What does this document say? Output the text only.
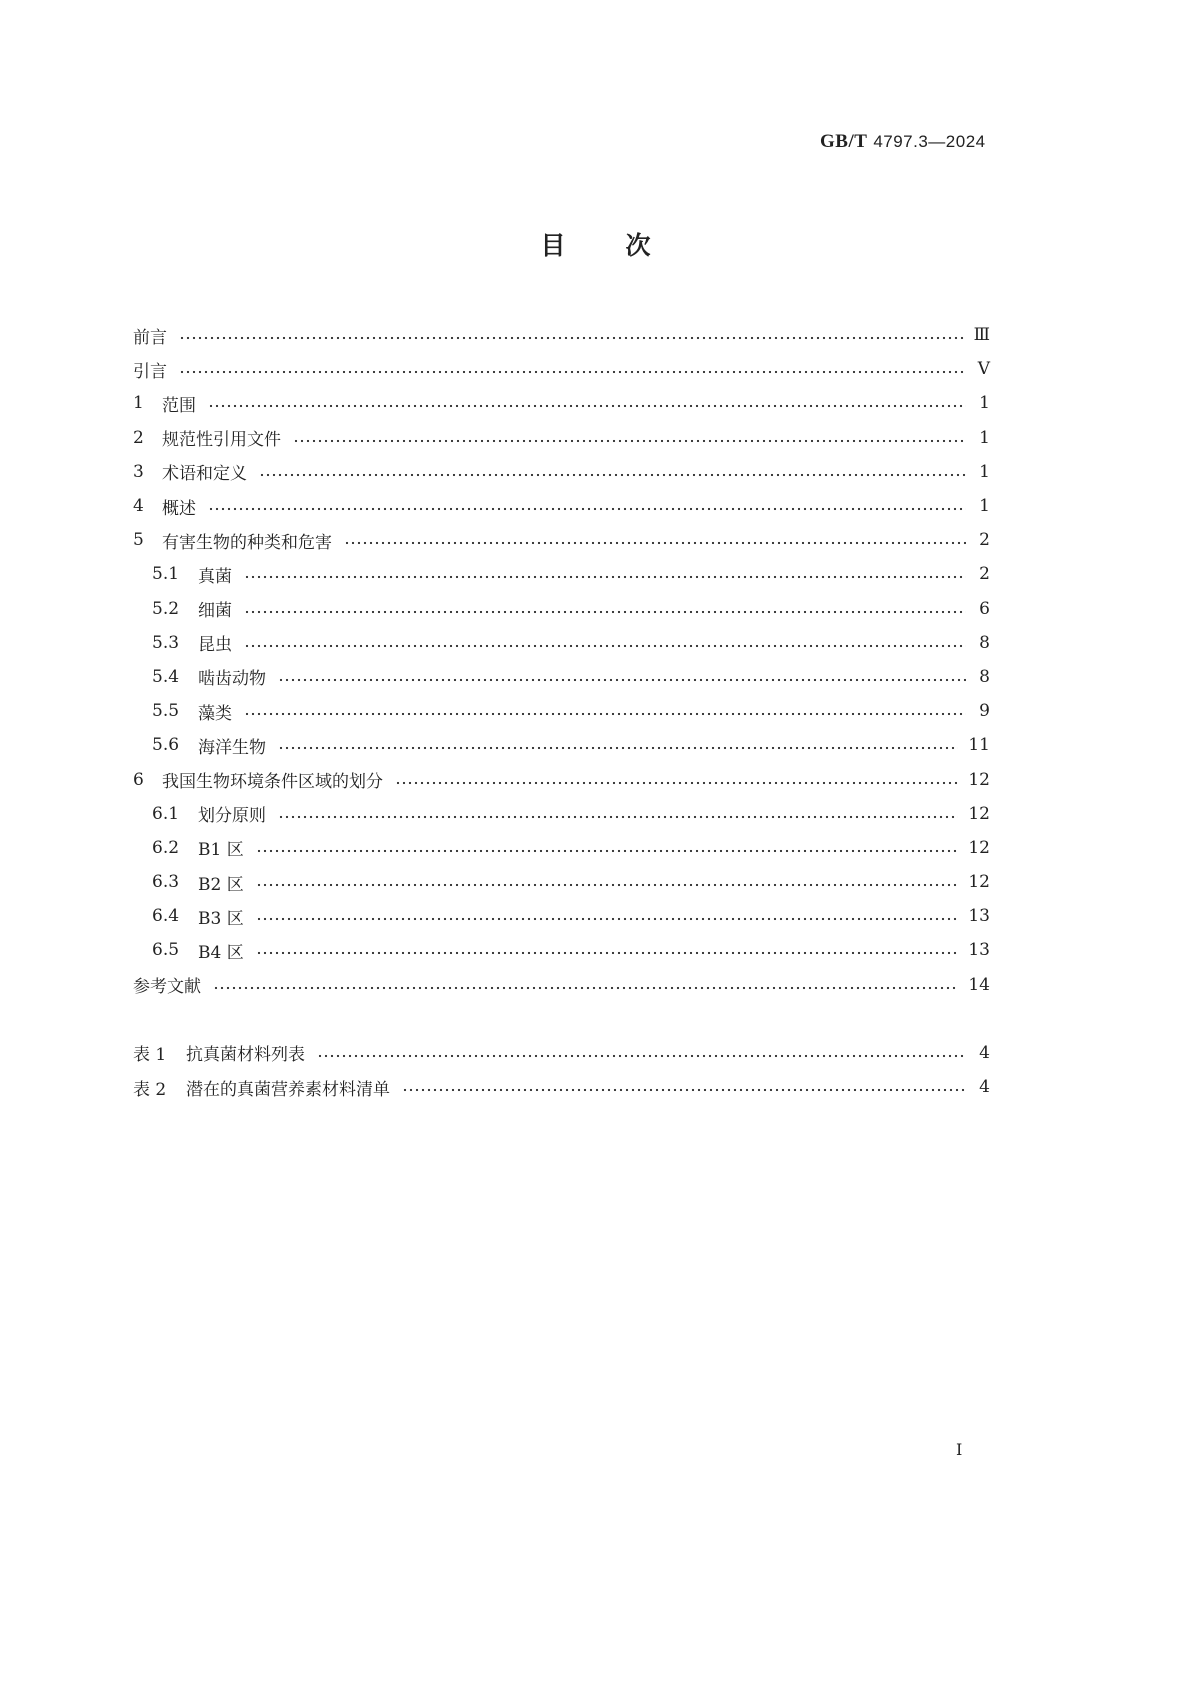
GB/T 4797.3—2024
目 次
前言	Ⅲ
引言	Ⅴ
1	范围	1
2	规范性引用文件	1
3	术语和定义	1
4	概述	1
5	有害生物的种类和危害	2
5.1	真菌	2
5.2	细菌	6
5.3	昆虫	8
5.4	啮齿动物	8
5.5	藻类	9
5.6	海洋生物	11
6	我国生物环境条件区域的划分	12
6.1	划分原则	12
6.2	B1 区	12
6.3	B2 区	12
6.4	B3 区	13
6.5	B4 区	13
参考文献	14
表 1	抗真菌材料列表	4
表 2	潜在的真菌营养素材料清单	4
I
